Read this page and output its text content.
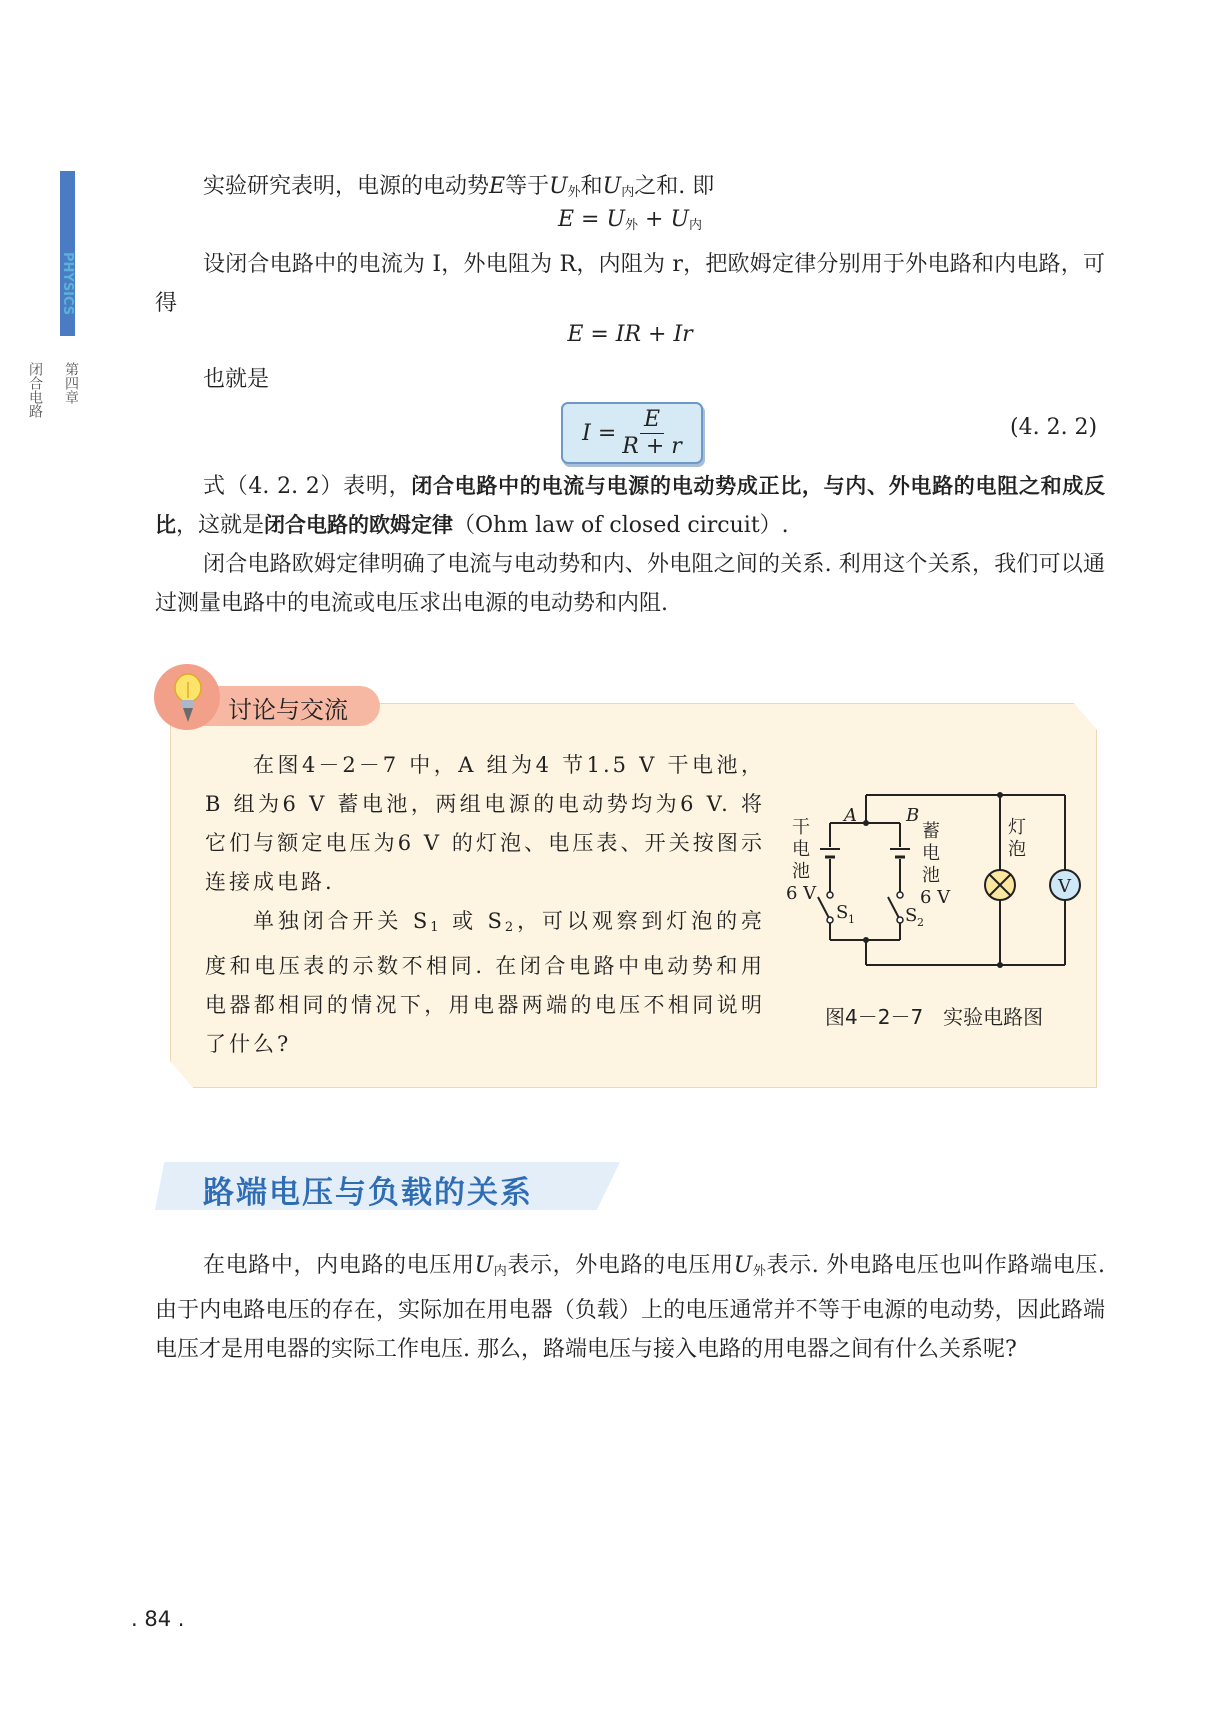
PHYSICS
第四章

闭合电路
实验研究表明，电源的电动势E等于$U_外$和$U_内$之和. 即
$E = U_外 + U_内$
设闭合电路中的电流为 I，外电阻为 R，内阻为 r，把欧姆定律分别用于外电路和内电路，可得
E = IR + Ir
也就是
$I = \frac{E}{R + r}$	(4. 2. 2)
式（4. 2. 2）表明，闭合电路中的电流与电源的电动势成正比，与内、外电路的电阻之和成反比，这就是闭合电路的欧姆定律（Ohm law of closed circuit）.
闭合电路欧姆定律明确了电流与电动势和内、外电阻之间的关系. 利用这个关系，我们可以通过测量电路中的电流或电压求出电源的电动势和内阻.
讨论与交流
在图4－2－7 中，A 组为4 节1.5 V 干电池，B 组为6 V 蓄电池，两组电源的电动势均为6 V. 将它们与额定电压为6 V 的灯泡、电压表、开关按图示连接成电路.
单独闭合开关 $S_1$ 或 $S_2$，可以观察到灯泡的亮度和电压表的示数不相同. 在闭合电路中电动势和用电器都相同的情况下，用电器两端的电压不相同说明了什么?
A	B
干
电
池
6 V
蓄
电
池
6 V
灯
泡
S 1	S 2
V
图4－2－7　实验电路图
路端电压与负载的关系
在电路中，内电路的电压用$U_内$表示，外电路的电压用$U_外$表示. 外电路电压也叫作路端电压. 由于内电路电压的存在，实际加在用电器（负载）上的电压通常并不等于电源的电动势，因此路端电压才是用电器的实际工作电压. 那么，路端电压与接入电路的用电器之间有什么关系呢?
. 84 .
